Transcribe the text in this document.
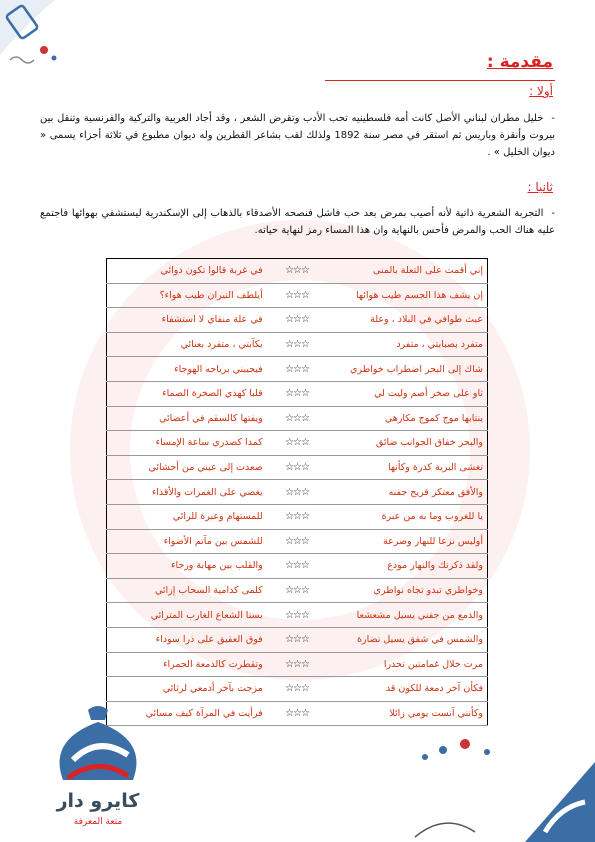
مقدمة :

أولا :

-خليل مطران لبناني الأصل كانت أمه فلسطينيه تحب الأدب وتقرض الشعر ، وقد أجاد العربية والتركية والفرنسية وتنقل بين بيروت وأنقرة وباريس ثم استقر في مصر سنة 1892 ولذلك لقب بشاعر القطرين وله ديوان مطبوع في ثلاثة أجزاء يسمى « ديوان الخليل » .

ثانيا :

-التجربة الشعرية ذاتية لأنه أصيب بمرض بعد حب فاشل فنصحه الأصدقاء بالذهاب إلى الإسكندرية ليستشفي بهوائها فاجتمع عليه هناك الحب والمرض فأحس بالنهاية وان هذا المساء رمز لنهاية حياته.

إني أقمت على التعلة بالمنى	☆☆☆	في غربة قالوا تكون دوائي
إن يشف هذا الجسم طيب هوائها	☆☆☆	أيلطف النيران طيب هواء؟
عبث طوافي في البلاد ، وعلة	☆☆☆	في علة منفاي لا استشفاء
متفرد بصبابتي ، متفرد	☆☆☆	بكآبتي ، متفرد بعنائي
شاك إلى البحر اضطراب خواطري	☆☆☆	فيجيبني برياحه الهوجاء
ثاو على صخر أصم وليت لي	☆☆☆	قلبا كهذي الصخرة الصماء
ينتابها موج كموج مكارهي	☆☆☆	ويفتها كالسقم في أعضائي
والبحر خفاق الجوانب ضائق	☆☆☆	كمدا كصدري ساعة الإمساء
تغشى البرية كدرة وكأنها	☆☆☆	صعدت إلى عيني من أحشائي
والأفق معتكر قريح جفنه	☆☆☆	يغضي على الغمرات والأقذاء
يا للغروب وما به من عبرة	☆☆☆	للمستهام وعبرة للرائي
أوليس نزعا للنهار وصرعة	☆☆☆	للشمس بين مآتم الأضواء
ولقد ذكرتك والنهار مودع	☆☆☆	والقلب بين مهابة ورجاء
وخواطري تبدو تجاه نواظري	☆☆☆	كلمى كدامية السحاب إزائي
والدمع من جفني يسيل مشعشعا	☆☆☆	بسنا الشعاع الغارب المترائي
والشمس في شفق يسيل نضارة	☆☆☆	فوق العقيق على ذرا سوداء
مرت خلال غمامتين تحدرا	☆☆☆	وتقطرت كالدمعة الحمراء
فكأن آخر دمعة للكون قد	☆☆☆	مزجت بآخر أدمعي لرثائي
وكأنني آنست يومي زائلا	☆☆☆	فرأيت في المرآة كيف مسائي

كايرو دار

متعة المعرفة
